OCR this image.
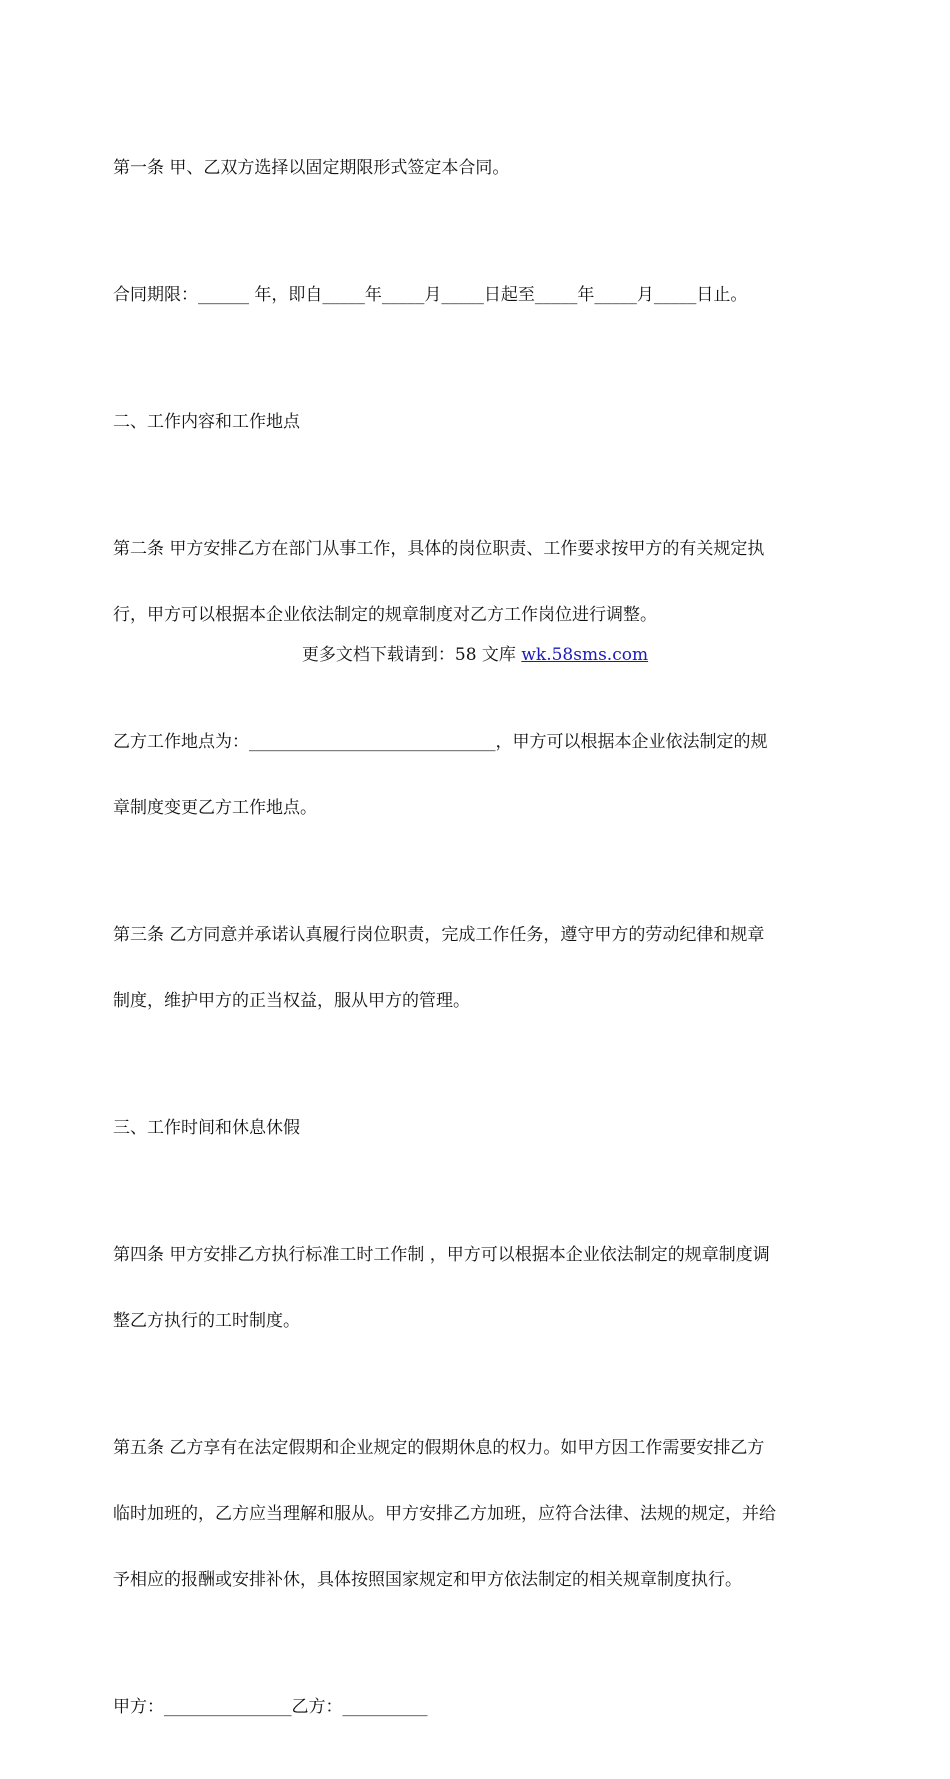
第一条 甲、乙双方选择以固定期限形式签定本合同。

合同期限：______ 年，即自_____年_____月_____日起至_____年_____月_____日止。

二、工作内容和工作地点

第二条 甲方安排乙方在部门从事工作，具体的岗位职责、工作要求按甲方的有关规定执

行，甲方可以根据本企业依法制定的规章制度对乙方工作岗位进行调整。

乙方工作地点为：_____________________________，甲方可以根据本企业依法制定的规

章制度变更乙方工作地点。

第三条 乙方同意并承诺认真履行岗位职责，完成工作任务，遵守甲方的劳动纪律和规章

制度，维护甲方的正当权益，服从甲方的管理。

三、工作时间和休息休假

第四条 甲方安排乙方执行标准工时工作制 ，甲方可以根据本企业依法制定的规章制度调

整乙方执行的工时制度。

第五条 乙方享有在法定假期和企业规定的假期休息的权力。如甲方因工作需要安排乙方

临时加班的，乙方应当理解和服从。甲方安排乙方加班，应符合法律、法规的规定，并给

予相应的报酬或安排补休，具体按照国家规定和甲方依法制定的相关规章制度执行。

甲方：_______________乙方：__________

更多文档下载请到：58 文库 wk.58sms.com
